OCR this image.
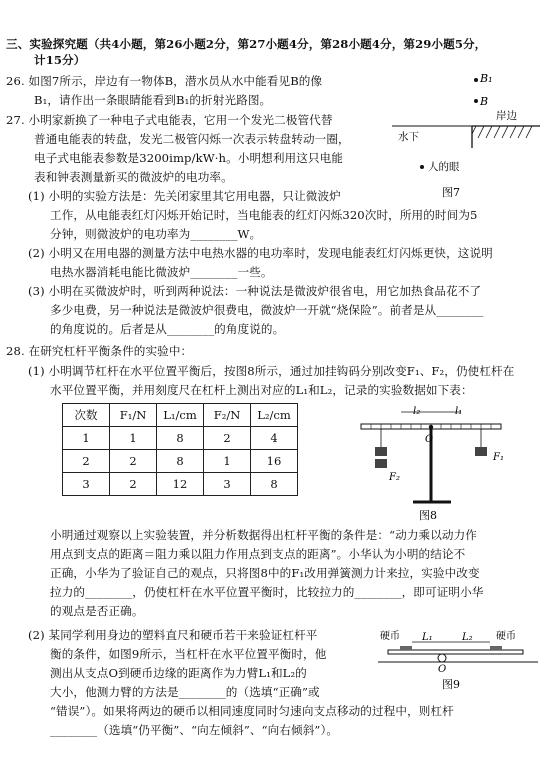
三、实验探究题（共4小题，第26小题2分，第27小题4分，第28小题4分，第29小题5分，
计15分）
26. 如图7所示，岸边有一物体B，潜水员从水中能看见B的像
B₁，请作出一条眼睛能看到B₁的折射光路图。
27. 小明家新换了一种电子式电能表，它用一个发光二极管代替
普通电能表的转盘，发光二极管闪烁一次表示转盘转动一圈，
电子式电能表参数是3200imp/kW·h。小明想利用这只电能
表和钟表测量新买的微波炉的电功率。
(1) 小明的实验方法是：先关闭家里其它用电器，只让微波炉
工作，从电能表红灯闪烁开始记时，当电能表的红灯闪烁320次时，所用的时间为5
分钟，则微波炉的电功率为________W。
(2) 小明又在用电器的测量方法中电热水器的电功率时，发现电能表红灯闪烁更快，这说明
电热水器消耗电能比微波炉________一些。
(3) 小明在买微波炉时，听到两种说法：一种说法是微波炉很省电，用它加热食品花不了
多少电费，另一种说法是微波炉很费电，微波炉一开就“烧保险”。前者是从________
的角度说的。后者是从________的角度说的。
28. 在研究杠杆平衡条件的实验中：
(1) 小明调节杠杆在水平位置平衡后，按图8所示，通过加挂钩码分别改变F₁、F₂，仍使杠杆在
水平位置平衡，并用刻度尺在杠杆上测出对应的L₁和L₂，记录的实验数据如下表：
次数	F₁/N	L₁/cm	F₂/N	L₂/cm
1	1	8	2	4
2	2	8	1	16
3	2	12	3	8
小明通过观察以上实验装置，并分析数据得出杠杆平衡的条件是：“动力乘以动力作
用点到支点的距离＝阻力乘以阻力作用点到支点的距离”。小华认为小明的结论不
正确，小华为了验证自己的观点，只将图8中的F₁改用弹簧测力计来拉，实验中改变
拉力的________，仍使杠杆在水平位置平衡时，比较拉力的________，即可证明小华
的观点是否正确。
(2) 某同学利用身边的塑料直尺和硬币若干来验证杠杆平
衡的条件，如图9所示，当杠杆在水平位置平衡时，他
测出从支点O到硬币边缘的距离作为力臂L₁和L₂的
大小，他测力臂的方法是________的（选填“正确”或
“错误”）。如果将两边的硬币以相同速度同时匀速向支点移动的过程中，则杠杆
________（选填“仍平衡”、“向左倾斜”、“向右倾斜”）。
B₁
B
岸边
水下
人的眼
图7
l₂	l₁
O
F₁
F₂
图8
硬币	硬币
L₁	L₂
O
图9
